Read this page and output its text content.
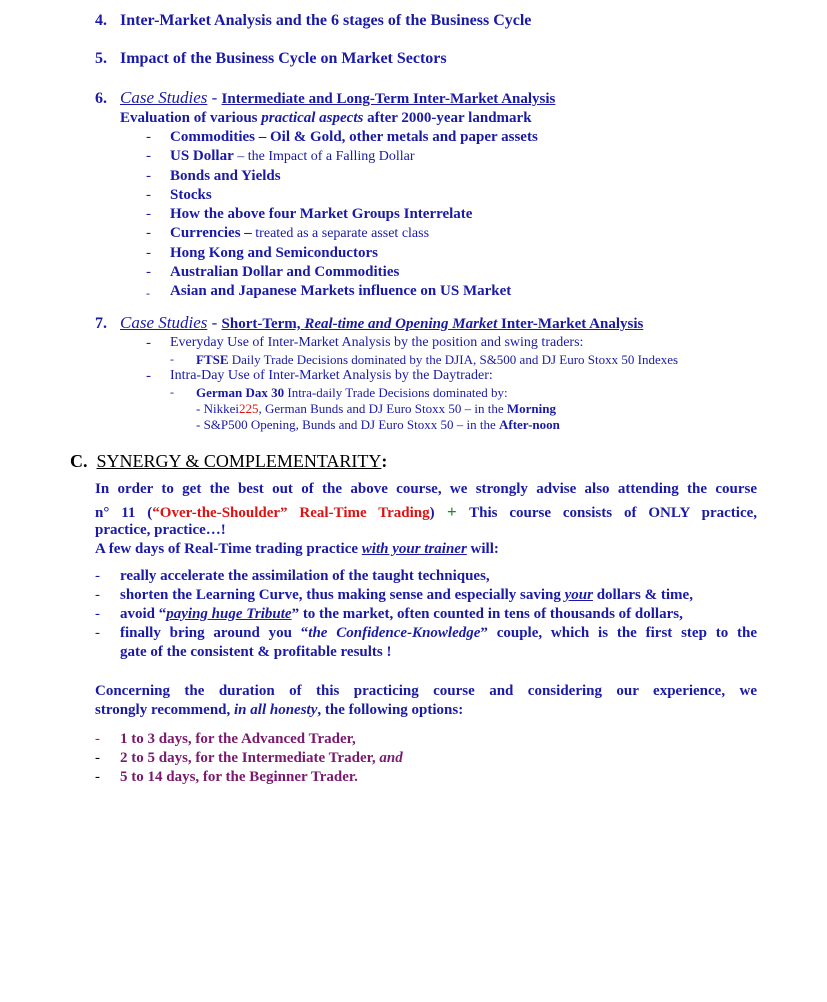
4. Inter-Market Analysis and the 6 stages of the Business Cycle
5. Impact of the Business Cycle on Market Sectors
6. Case Studies - Intermediate and Long-Term Inter-Market Analysis
Evaluation of various practical aspects after 2000-year landmark
- Commodities – Oil & Gold, other metals and paper assets
- US Dollar – the Impact of a Falling Dollar
- Bonds and Yields
- Stocks
- How the above four Market Groups Interrelate
- Currencies – treated as a separate asset class
- Hong Kong and Semiconductors
- Australian Dollar and Commodities
- Asian and Japanese Markets influence on US Market
7. Case Studies - Short-Term, Real-time and Opening Market Inter-Market Analysis
- Everyday Use of Inter-Market Analysis by the position and swing traders:
- FTSE Daily Trade Decisions dominated by the DJIA, S&500 and DJ Euro Stoxx 50 Indexes
- Intra-Day Use of Inter-Market Analysis by the Daytrader:
- German Dax 30 Intra-daily Trade Decisions dominated by:
- Nikkei225, German Bunds and DJ Euro Stoxx 50 – in the Morning
- S&P500 Opening, Bunds and DJ Euro Stoxx 50 – in the After-noon
C. SYNERGY & COMPLEMENTARITY:
In order to get the best out of the above course, we strongly advise also attending the course
n° 11 (“Over-the-Shoulder” Real-Time Trading) + This course consists of ONLY practice,
practice, practice…!
A few days of Real-Time trading practice with your trainer will:
- really accelerate the assimilation of the taught techniques,
- shorten the Learning Curve, thus making sense and especially saving your dollars & time,
- avoid “paying huge Tribute” to the market, often counted in tens of thousands of dollars,
- finally bring around you “the Confidence-Knowledge” couple, which is the first step to the
gate of the consistent & profitable results !
Concerning the duration of this practicing course and considering our experience, we
strongly recommend, in all honesty, the following options:
- 1 to 3 days, for the Advanced Trader,
- 2 to 5 days, for the Intermediate Trader, and
- 5 to 14 days, for the Beginner Trader.
